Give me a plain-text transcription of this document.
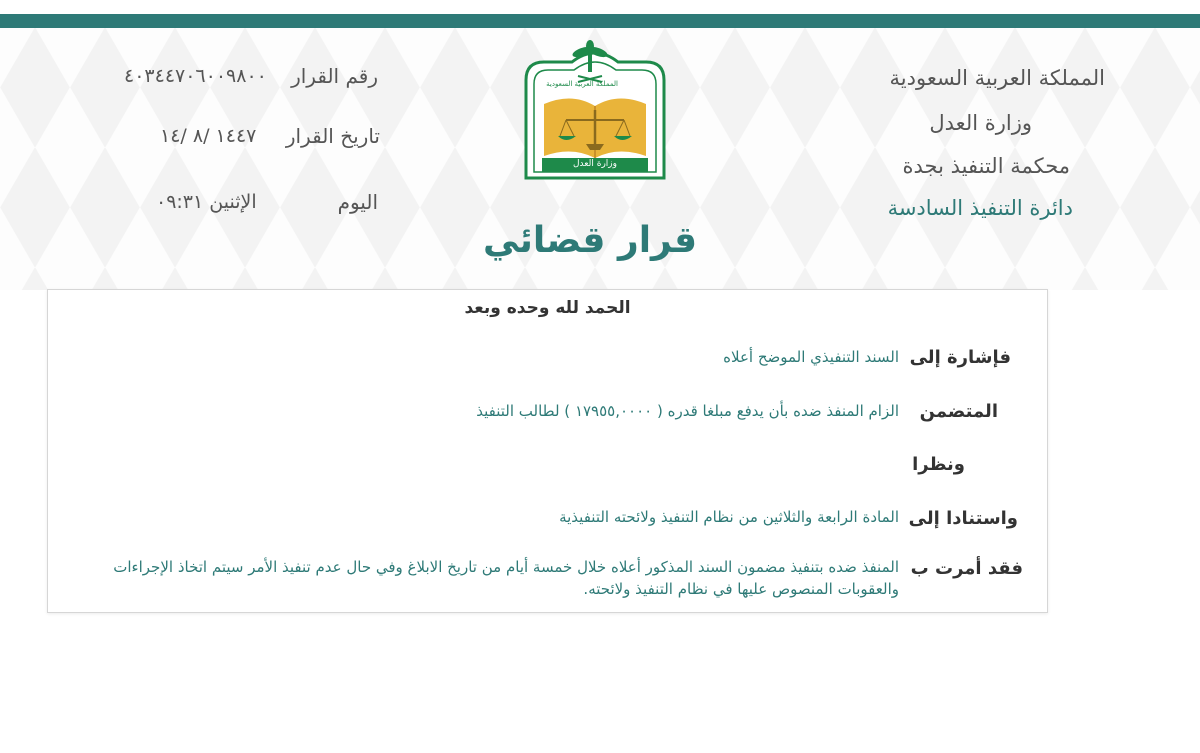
المملكة العربية السعودية
وزارة العدل
محكمة التنفيذ بجدة
دائرة التنفيذ السادسة
المملكة العربية السعودية
وزارة العدل
رقم القرار
٤٠٣٤٤٧٠٦٠٠٩٨٠٠
تاريخ القرار
١٤٤٧ /٨ /١٤
اليوم
الإثنين ٠٩:٣١
قرار قضائي
الحمد لله وحده وبعد
فإشارة إلى
السند التنفيذي الموضح أعلاه
المتضمن
الزام المنفذ ضده بأن يدفع مبلغا قدره ( ١٧٩٥٥,٠٠٠٠ ) لطالب التنفيذ
ونظرا
واستنادا إلى
المادة الرابعة والثلاثين من نظام التنفيذ ولائحته التنفيذية
فقد أمرت ب
المنفذ ضده بتنفيذ مضمون السند المذكور أعلاه خلال خمسة أيام من تاريخ الابلاغ وفي حال عدم تنفيذ الأمر سيتم اتخاذ الإجراءات والعقوبات المنصوص عليها في نظام التنفيذ ولائحته.
